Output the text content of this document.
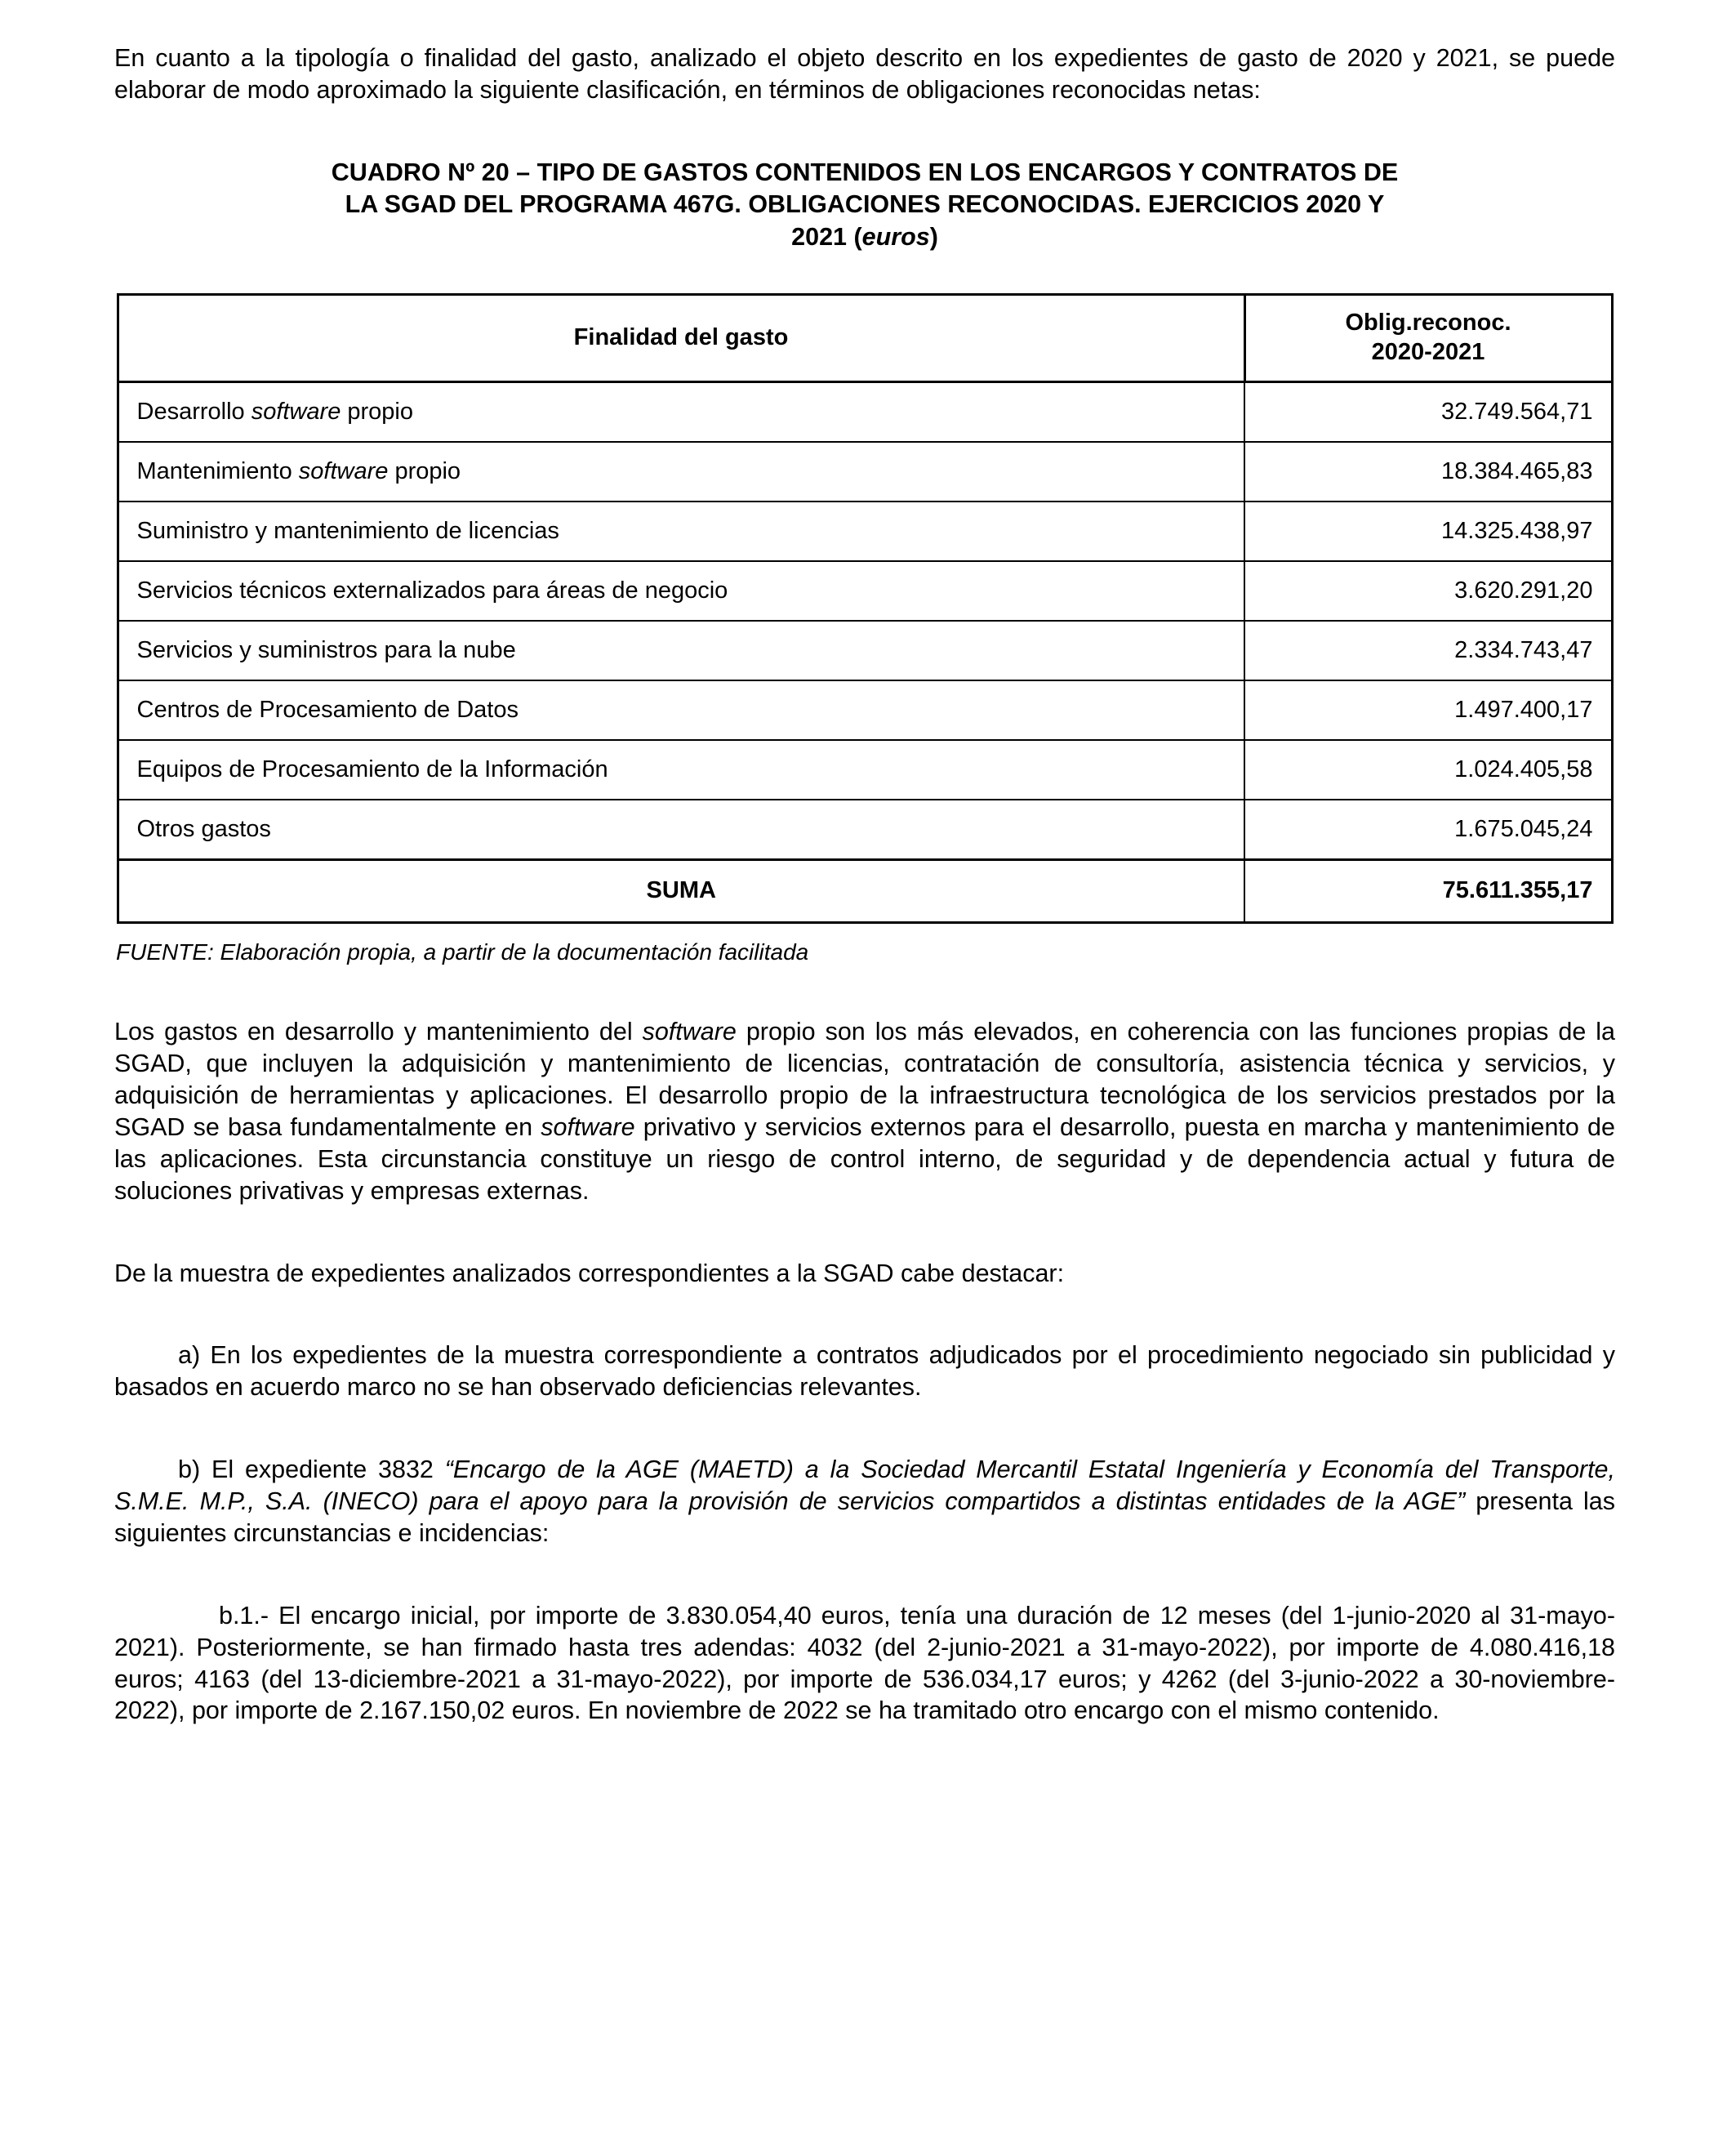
En cuanto a la tipología o finalidad del gasto, analizado el objeto descrito en los expedientes de gasto de 2020 y 2021, se puede elaborar de modo aproximado la siguiente clasificación, en términos de obligaciones reconocidas netas:

CUADRO Nº 20 – TIPO DE GASTOS CONTENIDOS EN LOS ENCARGOS Y CONTRATOS DE
LA SGAD DEL PROGRAMA 467G. OBLIGACIONES RECONOCIDAS. EJERCICIOS 2020 Y
2021 (euros)
Finalidad del gasto	Oblig.reconoc.
2020-2021
Desarrollo software propio	32.749.564,71
Mantenimiento software propio	18.384.465,83
Suministro y mantenimiento de licencias	14.325.438,97
Servicios técnicos externalizados para áreas de negocio	3.620.291,20
Servicios y suministros para la nube	2.334.743,47
Centros de Procesamiento de Datos	1.497.400,17
Equipos de Procesamiento de la Información	1.024.405,58
Otros gastos	1.675.045,24
SUMA	75.611.355,17

FUENTE: Elaboración propia, a partir de la documentación facilitada

Los gastos en desarrollo y mantenimiento del software propio son los más elevados, en coherencia con las funciones propias de la SGAD, que incluyen la adquisición y mantenimiento de licencias, contratación de consultoría, asistencia técnica y servicios, y adquisición de herramientas y aplicaciones. El desarrollo propio de la infraestructura tecnológica de los servicios prestados por la SGAD se basa fundamentalmente en software privativo y servicios externos para el desarrollo, puesta en marcha y mantenimiento de las aplicaciones. Esta circunstancia constituye un riesgo de control interno, de seguridad y de dependencia actual y futura de soluciones privativas y empresas externas.

De la muestra de expedientes analizados correspondientes a la SGAD cabe destacar:

a) En los expedientes de la muestra correspondiente a contratos adjudicados por el procedimiento negociado sin publicidad y basados en acuerdo marco no se han observado deficiencias relevantes.

b) El expediente 3832 “Encargo de la AGE (MAETD) a la Sociedad Mercantil Estatal Ingeniería y Economía del Transporte, S.M.E. M.P., S.A. (INECO) para el apoyo para la provisión de servicios compartidos a distintas entidades de la AGE” presenta las siguientes circunstancias e incidencias:

b.1.- El encargo inicial, por importe de 3.830.054,40 euros, tenía una duración de 12 meses (del 1-junio-2020 al 31-mayo-2021). Posteriormente, se han firmado hasta tres adendas: 4032 (del 2-junio-2021 a 31-mayo-2022), por importe de 4.080.416,18 euros; 4163 (del 13-diciembre-2021 a 31-mayo-2022), por importe de 536.034,17 euros; y 4262 (del 3-junio-2022 a 30-noviembre-2022), por importe de 2.167.150,02 euros. En noviembre de 2022 se ha tramitado otro encargo con el mismo contenido.
